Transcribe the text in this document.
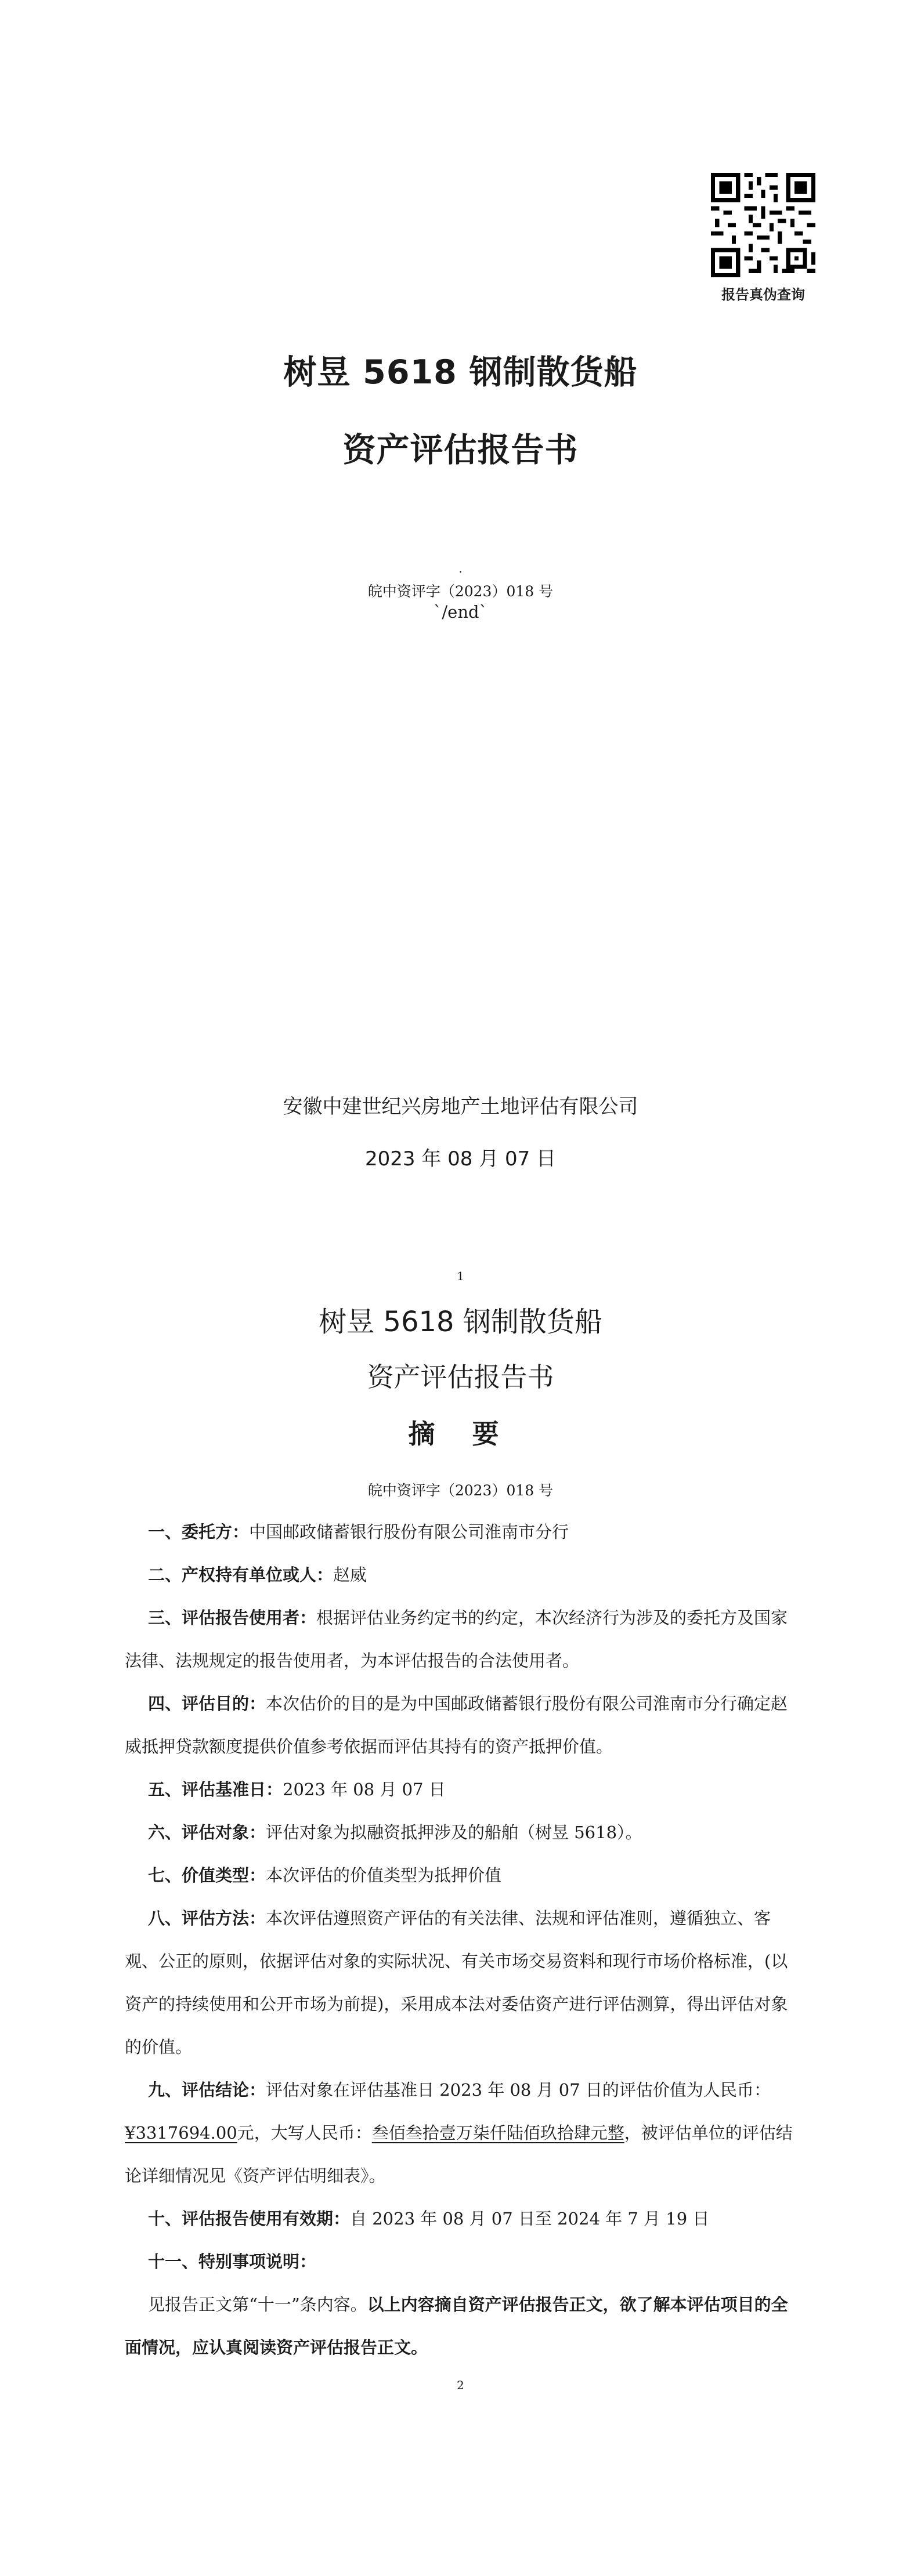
报告真伪查询
树昱 5618 钢制散货船
资产评估报告书
.
皖中资评字（2023）018 号
`/end`
安徽中建世纪兴房地产土地评估有限公司
2023 年 08 月 07 日
1
树昱 5618 钢制散货船
资产评估报告书
摘 要
皖中资评字（2023）018 号

一、委托方：中国邮政储蓄银行股份有限公司淮南市分行

二、产权持有单位或人：赵威

三、评估报告使用者：根据评估业务约定书的约定，本次经济行为涉及的委托方及国家法律、法规规定的报告使用者，为本评估报告的合法使用者。

四、评估目的：本次估价的目的是为中国邮政储蓄银行股份有限公司淮南市分行确定赵威抵押贷款额度提供价值参考依据而评估其持有的资产抵押价值。

五、评估基准日：2023 年 08 月 07 日

六、评估对象：评估对象为拟融资抵押涉及的船舶（树昱 5618）。

七、价值类型：本次评估的价值类型为抵押价值

八、评估方法：本次评估遵照资产评估的有关法律、法规和评估准则，遵循独立、客观、公正的原则，依据评估对象的实际状况、有关市场交易资料和现行市场价格标准，(以资产的持续使用和公开市场为前提)，采用成本法对委估资产进行评估测算，得出评估对象的价值。

九、评估结论：评估对象在评估基准日 2023 年 08 月 07 日的评估价值为人民币：¥3317694.00元，大写人民币：叁佰叁拾壹万柒仟陆佰玖拾肆元整，被评估单位的评估结论详细情况见《资产评估明细表》。

十、评估报告使用有效期：自 2023 年 08 月 07 日至 2024 年 7 月 19 日

十一、特别事项说明：

见报告正文第“十一”条内容。以上内容摘自资产评估报告正文，欲了解本评估项目的全面情况，应认真阅读资产评估报告正文。

2
